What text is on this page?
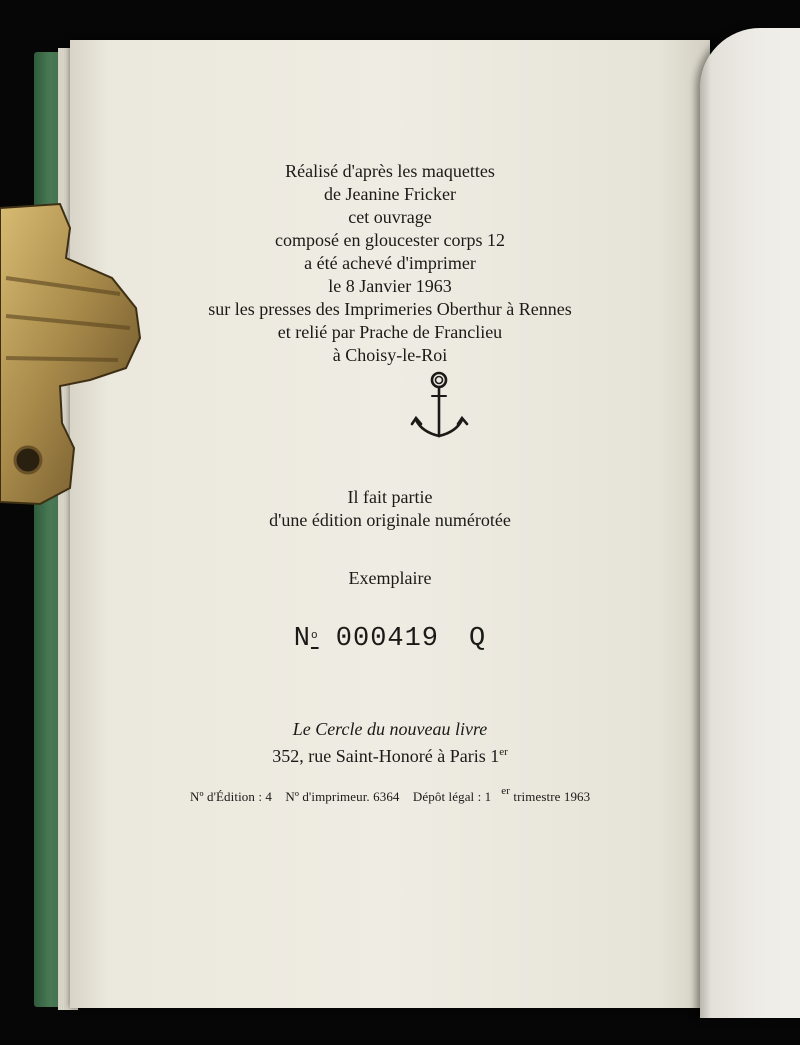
Réalisé d'après les maquettes
de Jeanine Fricker
cet ouvrage
composé en gloucester corps 12
a été achevé d'imprimer
le 8 Janvier 1963
sur les presses des Imprimeries Oberthur à Rennes
et relié par Prache de Franclieu
à Choisy-le-Roi
Il fait partie
d'une édition originale numérotée
Exemplaire
$N^o$ 000419 Q
Le Cercle du nouveau livre
352, rue Saint-Honoré à Paris 1er
Nº d'Édition : 4 Nº d'imprimeur. 6364 Dépôt légal : 1 $^{er}$ trimestre 1963
